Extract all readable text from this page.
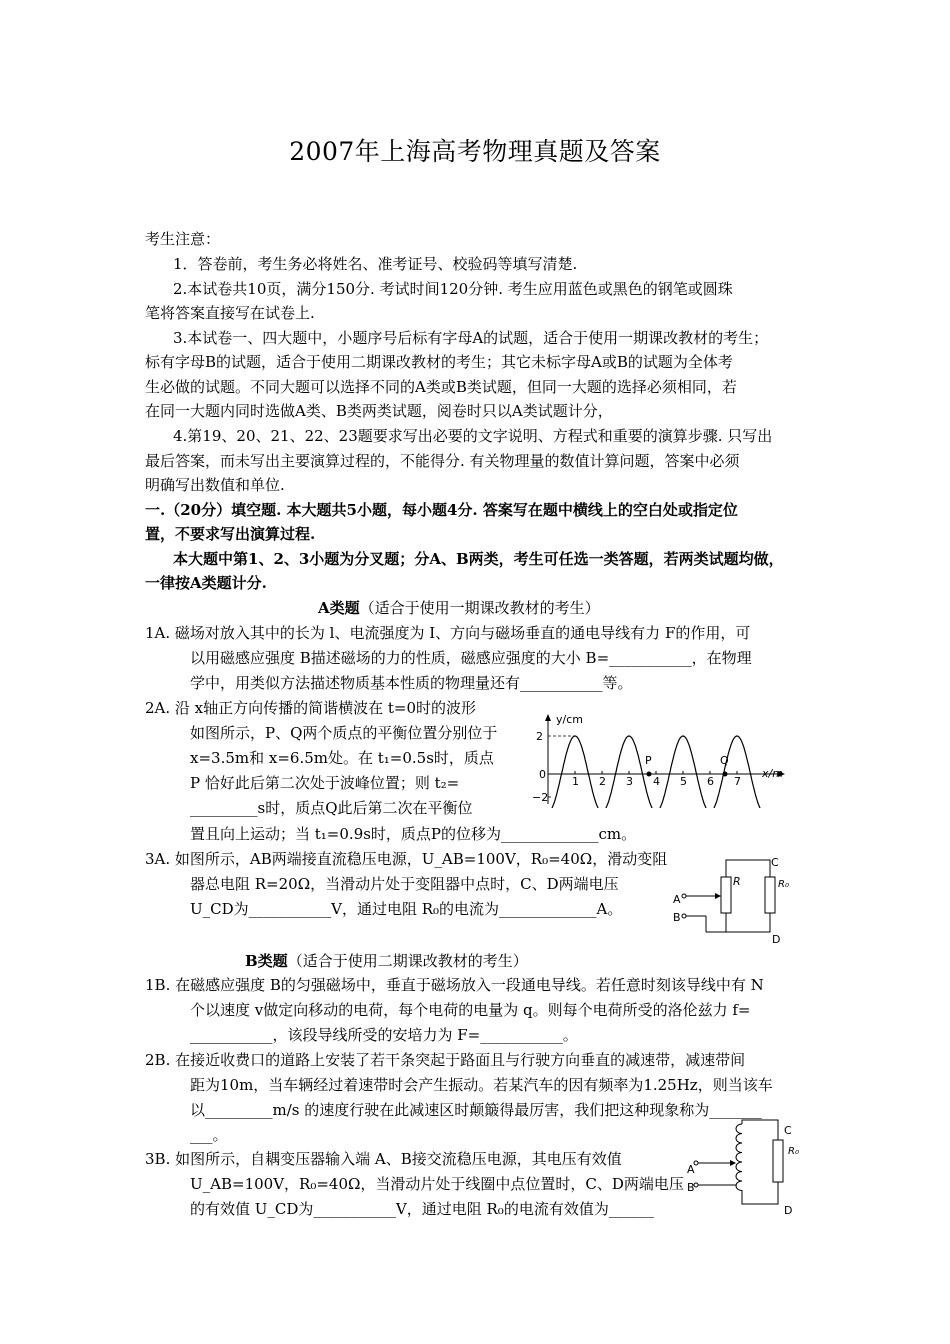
2007年上海高考物理真题及答案
考生注意：
1．答卷前，考生务必将姓名、准考证号、校验码等填写清楚.
2.本试卷共10页，满分150分. 考试时间120分钟. 考生应用蓝色或黑色的钢笔或圆珠
笔将答案直接写在试卷上.
3.本试卷一、四大题中，小题序号后标有字母A的试题，适合于使用一期课改教材的考生；
标有字母B的试题，适合于使用二期课改教材的考生；其它未标字母A或B的试题为全体考
生必做的试题。不同大题可以选择不同的A类或B类试题，但同一大题的选择必须相同，若
在同一大题内同时选做A类、B类两类试题，阅卷时只以A类试题计分，
4.第19、20、21、22、23题要求写出必要的文字说明、方程式和重要的演算步骤. 只写出
最后答案，而未写出主要演算过程的，不能得分. 有关物理量的数值计算问题，答案中必须
明确写出数值和单位.
一.（20分）填空题. 本大题共5小题，每小题4分. 答案写在题中横线上的空白处或指定位
置，不要求写出演算过程.
本大题中第1、2、3小题为分叉题；分A、B两类，考生可任选一类答题，若两类试题均做，
一律按A类题计分.
A类题（适合于使用一期课改教材的考生）
1A. 磁场对放入其中的长为 l、电流强度为 I、方向与磁场垂直的通电导线有力 F的作用，可
以用磁感应强度 B描述磁场的力的性质，磁感应强度的大小 B=___________，在物理
学中，用类似方法描述物质基本性质的物理量还有___________等。
2A. 沿 x轴正方向传播的简谐横波在 t=0时的波形
如图所示，P、Q两个质点的平衡位置分别位于
x=3.5m和 x=6.5m处。在 t₁=0.5s时，质点
P 恰好此后第二次处于波峰位置；则 t₂=
_________s时，质点Q此后第二次在平衡位
置且向上运动；当 t₁=0.9s时，质点P的位移为_____________cm。
y/cm
x/m
2
0
−2
1 2 3 4 5 6 7
P	Q
3A. 如图所示，AB两端接直流稳压电源，U_AB=100V，R₀=40Ω，滑动变阻
器总电阻 R=20Ω，当滑动片处于变阻器中点时，C、D两端电压
U_CD为___________V，通过电阻 R₀的电流为_____________A。
A
B
C
D
R	R₀
B类题（适合于使用二期课改教材的考生）
1B. 在磁感应强度 B的匀强磁场中，垂直于磁场放入一段通电导线。若任意时刻该导线中有 N
个以速度 v做定向移动的电荷，每个电荷的电量为 q。则每个电荷所受的洛伦兹力 f=
___________，该段导线所受的安培力为 F=___________。
2B. 在接近收费口的道路上安装了若干条突起于路面且与行驶方向垂直的减速带，减速带间
距为10m，当车辆经过着速带时会产生振动。若某汽车的因有频率为1.25Hz，则当该车
以_________m/s 的速度行驶在此减速区时颠簸得最厉害，我们把这种现象称为_______
___。
3B. 如图所示，自耦变压器输入端 A、B接交流稳压电源，其电压有效值
U_AB=100V，R₀=40Ω，当滑动片处于线圈中点位置时，C、D两端电压
的有效值 U_CD为___________V，通过电阻 R₀的电流有效值为______
A
B
C
D
R₀
